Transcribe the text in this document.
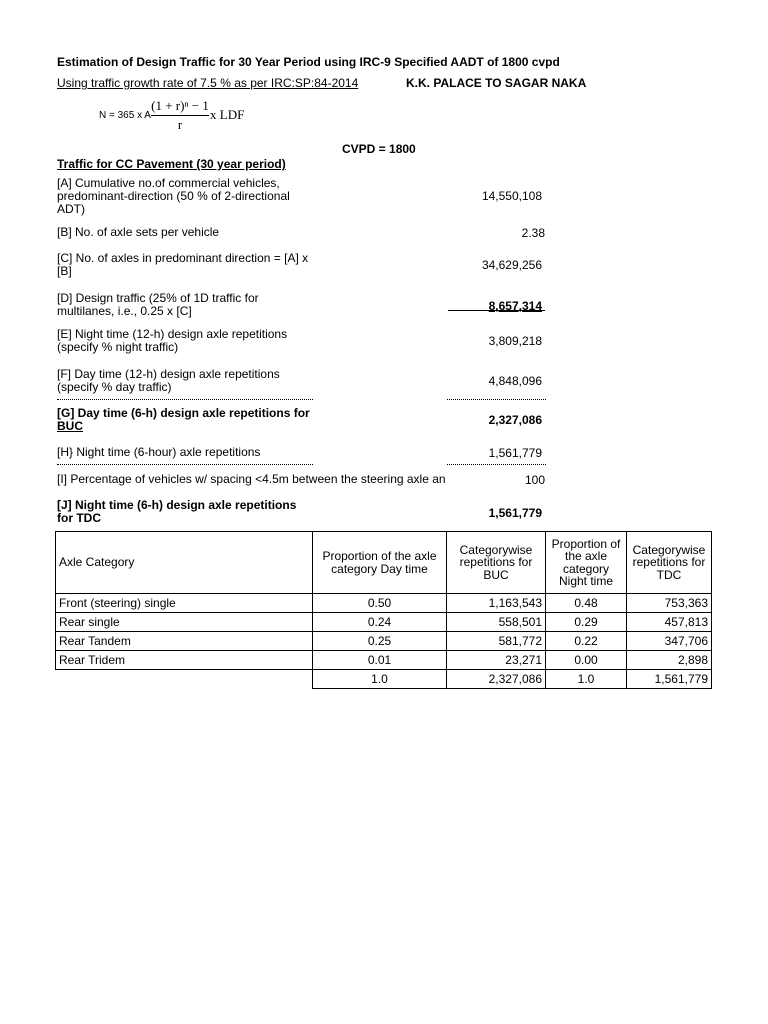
Estimation of Design Traffic for 30 Year Period using IRC-9 Specified AADT of 1800 cvpd
Using traffic growth rate of 7.5 % as per IRC:SP:84-2014	K.K. PALACE TO SAGAR NAKA
N = 365 x A
(1 + r)ⁿ − 1
r
x LDF
CVPD = 1800
Traffic for CC Pavement (30 year period)
[A] Cumulative no.of commercial vehicles, predominant-direction (50 % of 2-directional ADT)
14,550,108
[B] No. of axle sets per vehicle	2.38
[C] No. of axles in predominant direction = [A] x [B]	34,629,256
[D] Design traffic (25% of 1D traffic for multilanes, i.e., 0.25 x [C]	8,657,314
[E] Night time (12-h) design axle repetitions (specify % night traffic)	3,809,218
[F] Day time (12-h) design axle repetitions (specify % day traffic)	4,848,096
[G] Day time (6-h) design axle repetitions for BUC	2,327,086
[H} Night time (6-hour) axle repetitions	1,561,779
[I] Percentage of vehicles w/ spacing <4.5m between the steering axle an	100
[J] Night time (6-h) design axle repetitions for TDC	1,561,779
Axle Category	Proportion of the axle category Day time	Categorywise repetitions for BUC	Proportion of the axle category Night time	Categorywise repetitions for TDC
Front (steering) single	0.50	1,163,543	0.48	753,363
Rear single	0.24	558,501	0.29	457,813
Rear Tandem	0.25	581,772	0.22	347,706
Rear Tridem	0.01	23,271	0.00	2,898
	1.0	2,327,086	1.0	1,561,779
